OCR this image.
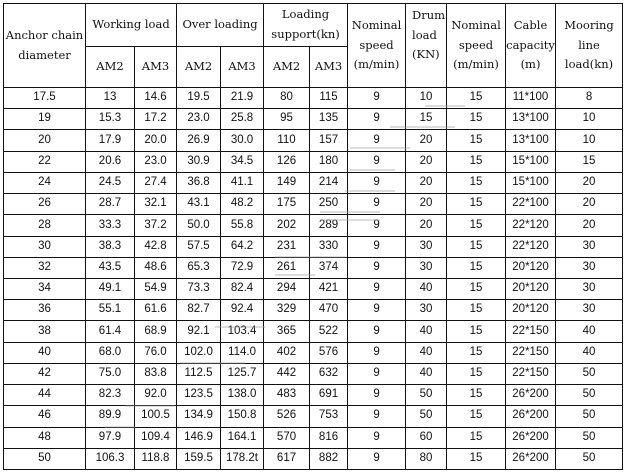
Anchor chain diameter	Working load		Over loading		Loading support(kn)		Nominal speed (m/min)	Drum load (KN)	Nominal speed (m/min)	Cable capacity (m)	Mooring line load(kn)
	AM2	AM3	AM2	AM3	AM2	AM3					
17.5	13	14.6	19.5	21.9	80	115	9	10	15	11*100	8
19	15.3	17.2	23.0	25.8	95	135	9	15	15	13*100	10
20	17.9	20.0	26.9	30.0	110	157	9	20	15	13*100	10
22	20.6	23.0	30.9	34.5	126	180	9	20	15	15*100	15
24	24.5	27.4	36.8	41.1	149	214	9	20	15	15*100	20
26	28.7	32.1	43.1	48.2	175	250	9	20	15	22*100	20
28	33.3	37.2	50.0	55.8	202	289	9	20	15	22*120	20
30	38.3	42.8	57.5	64.2	231	330	9	30	15	22*120	30
32	43.5	48.6	65.3	72.9	261	374	9	30	15	20*120	30
34	49.1	54.9	73.3	82.4	294	421	9	40	15	20*120	30
36	55.1	61.6	82.7	92.4	329	470	9	30	15	20*120	30
38	61.4	68.9	92.1	103.4	365	522	9	40	15	22*150	40
40	68.0	76.0	102.0	114.0	402	576	9	40	15	22*150	40
42	75.0	83.8	112.5	125.7	442	632	9	40	15	22*150	50
44	82.3	92.0	123.5	138.0	483	691	9	50	15	26*200	50
46	89.9	100.5	134.9	150.8	526	753	9	50	15	26*200	50
48	97.9	109.4	146.9	164.1	570	816	9	60	15	26*200	50
50	106.3	118.8	159.5	178.2t	617	882	9	80	15	26*200	50
